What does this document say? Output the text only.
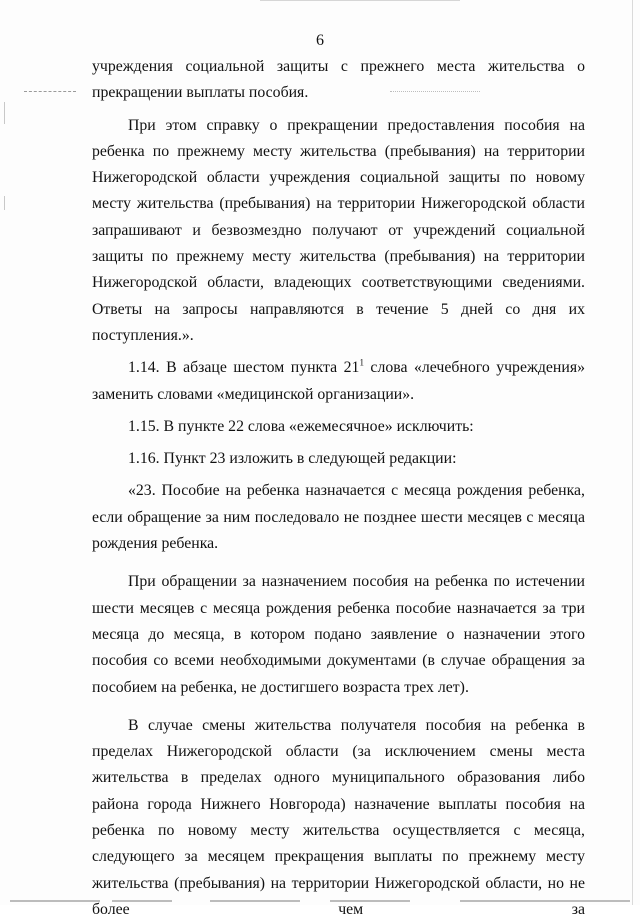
6

учреждения социальной защиты с прежнего места жительства о прекращении выплаты пособия.

При этом справку о прекращении предоставления пособия на ребенка по прежнему месту жительства (пребывания) на территории Нижегородской области учреждения социальной защиты по новому месту жительства (пребывания) на территории Нижегородской области запрашивают и безвозмездно получают от учреждений социальной защиты по прежнему месту жительства (пребывания) на территории Нижегородской области, владеющих соответствующими сведениями. Ответы на запросы направляются в течение 5 дней со дня их поступления.».

1.14. В абзаце шестом пункта $21^1$ слова «лечебного учреждения» заменить словами «медицинской организации».

1.15. В пункте 22 слова «ежемесячное» исключить:

1.16. Пункт 23 изложить в следующей редакции:

«23. Пособие на ребенка назначается с месяца рождения ребенка, если обращение за ним последовало не позднее шести месяцев с месяца рождения ребенка.

При обращении за назначением пособия на ребенка по истечении шести месяцев с месяца рождения ребенка пособие назначается за три месяца до месяца, в котором подано заявление о назначении этого пособия со всеми необходимыми документами (в случае обращения за пособием на ребенка, не достигшего возраста трех лет).

В случае смены жительства получателя пособия на ребенка в пределах Нижегородской области (за исключением смены места жительства в пределах одного муниципального образования либо района города Нижнего Новгорода) назначение выплаты пособия на ребенка по новому месту жительства осуществляется с месяца, следующего за месяцем прекращения выплаты по прежнему месту жительства (пребывания) на территории Нижегородской области, но не более чем за
